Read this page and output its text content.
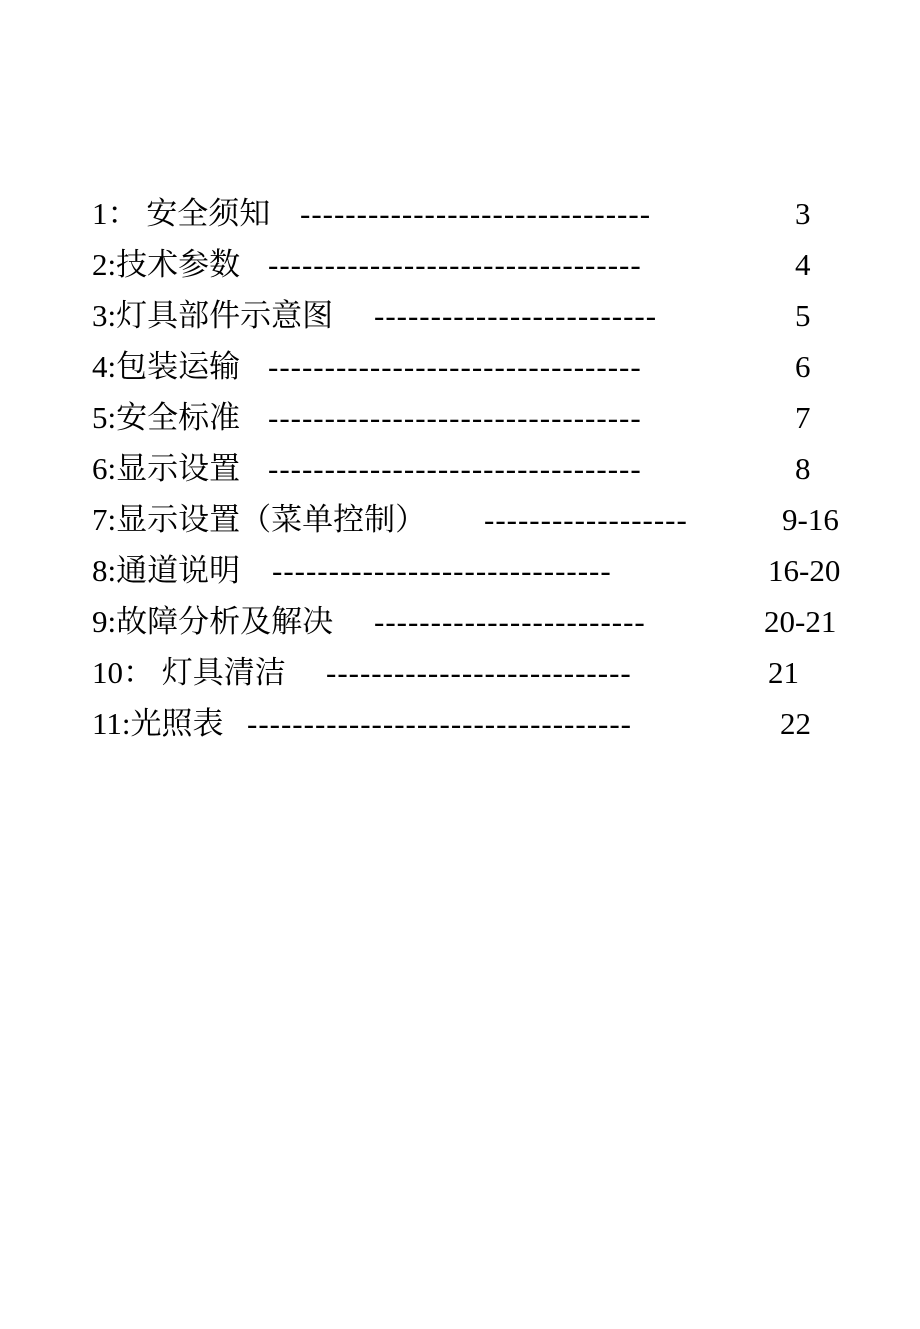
1： 安全须知 -------------------------------	3
2:技术参数 ---------------------------------	4
3:灯具部件示意图	-------------------------	5
4:包装运输 ---------------------------------	6
5:安全标准 ---------------------------------	7
6:显示设置 ---------------------------------	8
7:显示设置（菜单控制）	------------------	9-16
8:通道说明	------------------------------	16-20
9:故障分析及解决	------------------------	20-21
10： 灯具清洁	---------------------------	21
11:光照表 ----------------------------------	22
